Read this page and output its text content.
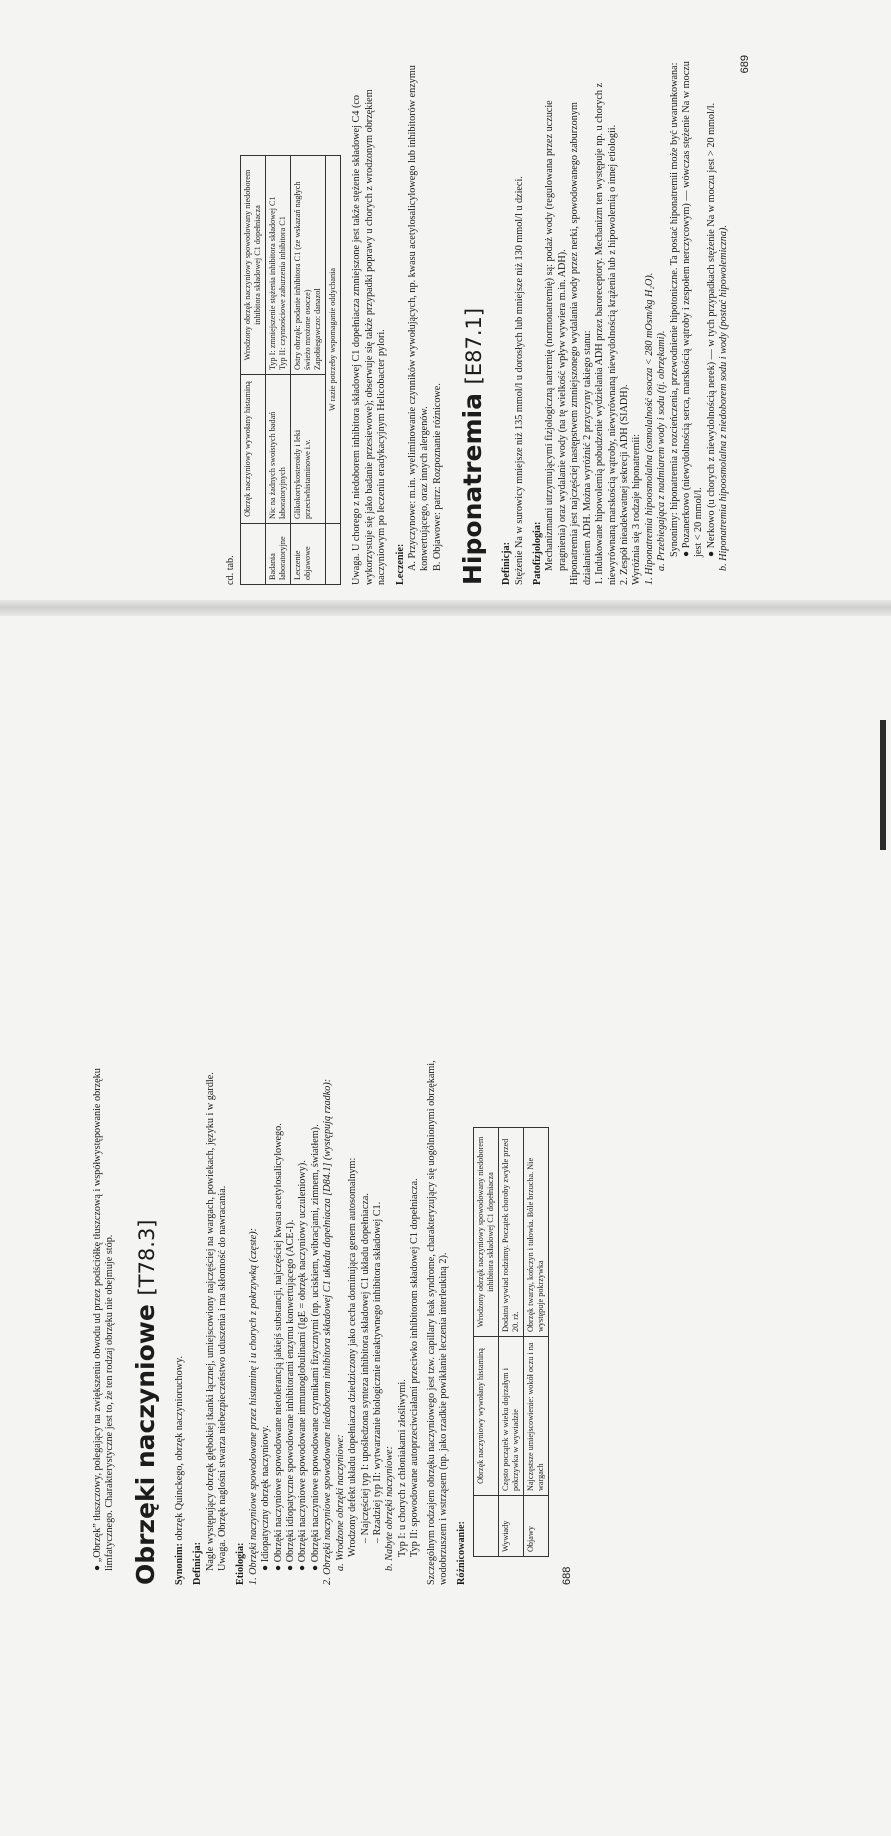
● „Obrzęk” tłuszczowy, polegający na zwiększeniu obwodu ud przez podściółkę tłuszczową i współwystępowanie obrzęku limfatycznego. Charakterystyczne jest to, że ten rodzaj obrzęku nie obejmuje stóp. Obrzęki naczyniowe [T78.3]

Synonim: obrzęk Quinckego, obrzęk naczynioruchowy.

Definicja: Nagle występujący obrzęk głębokiej tkanki łącznej, umiejscowiony najczęściej na wargach, powiekach, języku i w gardle. Uwaga. Obrzęk naglośni stwarza niebezpieczeństwo uduszenia i ma skłonność do nawracania. Etiologia: 1. Obrzęki naczyniowe spowodowane przez histaminę i u chorych z pokrzywką (częste): ● Idiopatyczny obrzęk naczyniowy.

● Obrzęki naczyniowe spowodowane nietolerancją jakiejś substancji, najczęściej kwasu acetylosalicylowego.

● Obrzęki idiopatyczne spowodowane inhibitorami enzymu konwertującego (ACE-I).

● Obrzęki naczyniowe spowodowane immunoglobulinami (IgE = obrzęk naczyniowy uczuleniowy).

● Obrzęki naczyniowe spowodowane czynnikami fizycznymi (np. uciskiem, wibracjami, zimnem, światłem). 2. Obrzęki naczyniowe spowodowane niedoborem inhibitora składowej C1 układu dopełniacza [D84.1] (występują rzadko): a. Wrodzone obrzęki naczyniowe: Wrodzony defekt układu dopełniacza dziedziczony jako cecha dominująca genem autosomalnym: – Najczęściej typ I: upośledzona synteza inhibitora składowej C1 układu dopełniacza. – Rzadziej typ II: wytwarzanie biologicznie nieaktywnego inhibitora składowej C1. b. Nabyte obrzęki naczyniowe: Typ I: u chorych z chłoniakami złośliwymi. Typ II: spowodowane autoprzeciwciałami przeciwko inhibitorom składowej C1 dopełniacza. Szczególnym rodzajem obrzęku naczyniowego jest tzw. capillary leak syndrome, charakteryzujący się uogólnionymi obrzękami, wodobrzuszem i wstrząsem (np. jako rzadkie powikłanie leczenia interleukiną 2). Różnicowanie:

	Obrzęk naczyniowy wywołany histaminą	Wrodzony obrzęk naczyniowy spowodowany niedoborem inhibitora składowej C1 dopełniacza
Wywiady	Często początek w wieku dojrzałym i pokrzywka w wywiadzie	Dodatni wywiad rodzinny. Początek choroby zwykle przed 20. rż.
Objawy	Najczęstsze umiejscowienie: wokół oczu i na wargach	Obrzęk twarzy, kończyn i tułowia. Bóle brzucha. Nie występuje pokrzywka

688

cd. tab.

	Obrzęk naczyniowy wywołany histaminą	Wrodzony obrzęk naczyniowy spowodowany niedoborem inhibitora składowej C1 dopełniacza
Badania laboratoryjne	Nic na żadnych swoistych badań laboratoryjnych	Typ I: zmniejszenie stężenia inhibitora składowej C1
Typ II: czynnościowe zaburzenia inhibitora C1
Leczenie objawowe	Glikokortykosteroidy i leki przeciwhistaminowe i.v.	Ostry obrzęk: podanie inhibitora C1 (ze wskazań nagłych świeżo mrożone osocze)
Zapobiegawczo: danazol
	W razie potrzeby wspomaganie oddychania	Uwaga. U chorego z niedoborem inhibitora składowej C1 dopełniacza zmniejszone jest także stężenie składowej C4 (co wykorzystuje się jako badanie przesiewowe); obserwuje się także przypadki poprawy u chorych z wrodzonym obrzękiem naczyniowym po leczeniu eradykacyjnym Helicobacter pylori. Leczenie: A. Przyczynowe: m.in. wyeliminowanie czynników wywołujących, np. kwasu acetylosalicylowego lub inhibitorów enzymu konwertującego, oraz innych alergenów. B. Objawowe: patrz: Rozpoznanie różnicowe. Hiponatremia [E87.1]

Definicja: Stężenie Na w surowicy mniejsze niż 135 mmol/l u dorosłych lub mniejsze niż 130 mmol/l u dzieci. Patofizjologia: Mechanizmami utrzymującymi fizjologiczną natremię (normonatremię) są: podaż wody (regulowana przez uczucie pragnienia) oraz wydalanie wody (na tę wielkość wpływ wywiera m.in. ADH). Hiponatremia jest najczęściej następstwem zmniejszonego wydalania wody przez nerki, spowodowanego zaburzonym działaniem ADH. Można wyróżnić 2 przyczyny takiego stanu: 1. Indukowane hipowolemią pobudzenie wydzielania ADH przez baroreceptory. Mechanizm ten występuje np. u chorych z niewyrównaną marskością wątroby, niewyrównaną niewydolnością krążenia lub z hipowolemią o innej etiologii. 2. Zespół nieadekwatnej sekrecji ADH (SIADH). Wyróżnia się 3 rodzaje hiponatremii: 1. Hiponatremia hipoosmolalna (osmolalność osocza < 280 mOsm/kg H₂O). a. Przebiegająca z nadmiarem wody i sodu (tj. obrzękami). Synonimy: hiponatremia z rozcieńczenia, przewodnienie hipotoniczne. Ta postać hiponatremii może być uwarunkowana: ● Pozanerkowo (niewydolnością serca, marskością wątroby i zespołem nerczycowym) — wówczas stężenie Na w moczu jest < 20 mmol/l. ● Nerkowo (u chorych z niewydolnością nerek) — w tych przypadkach stężenie Na w moczu jest > 20 mmol/l. b. Hiponatremia hipoosmolalna z niedoborem sodu i wody (postać hipowolemiczna).

689
